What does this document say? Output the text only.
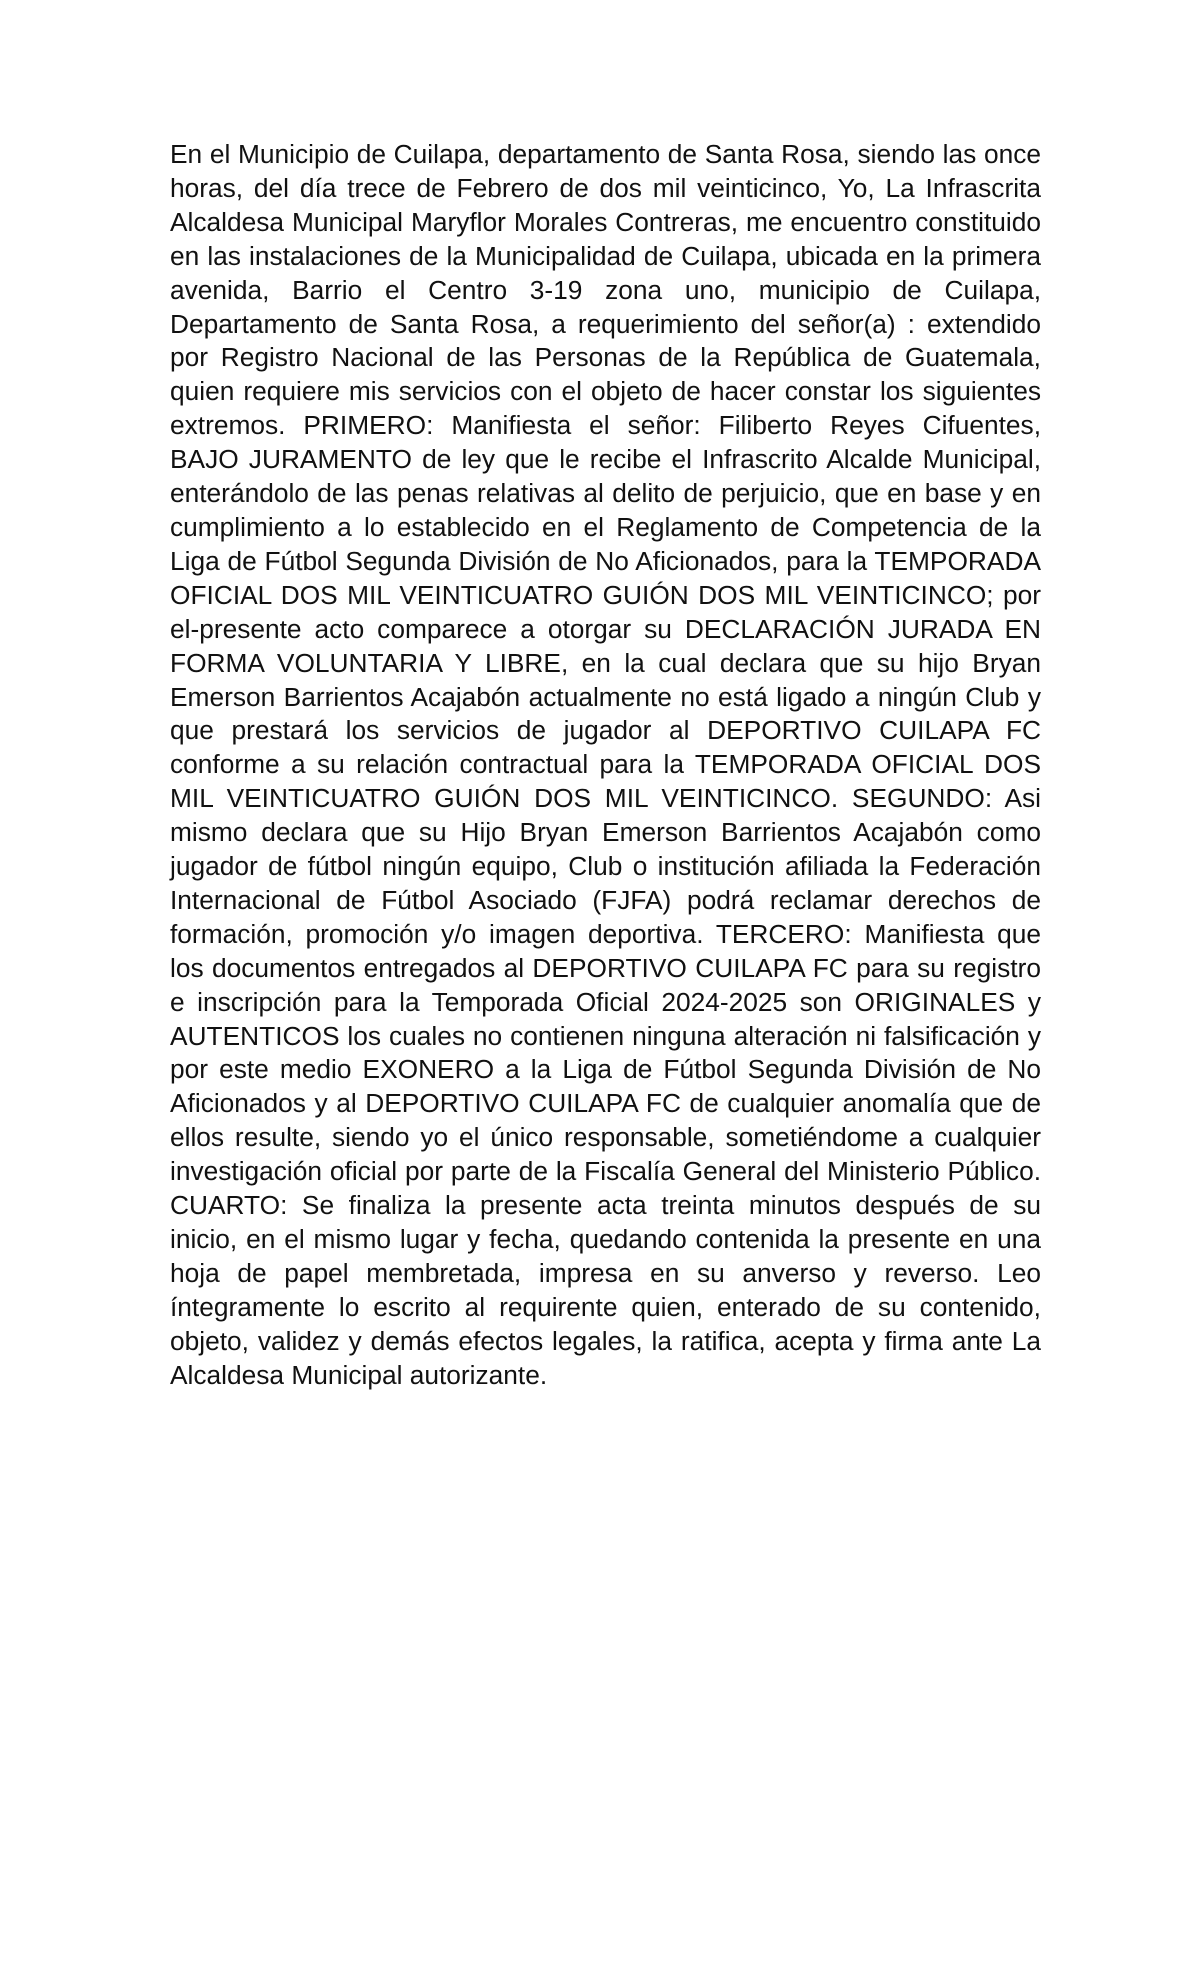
En el Municipio de Cuilapa, departamento de Santa Rosa, siendo las once horas, del día trece de Febrero de dos mil veinticinco, Yo, La Infrascrita Alcaldesa Municipal Maryflor Morales Contreras, me encuentro constituido en las instalaciones de la Municipalidad de Cuilapa, ubicada en la primera avenida, Barrio el Centro 3-19 zona uno, municipio de Cuilapa, Departamento de Santa Rosa, a requerimiento del señor(a) : extendido por Registro Nacional de las Personas de la República de Guatemala, quien requiere mis servicios con el objeto de hacer constar los siguientes extremos. PRIMERO: Manifiesta el señor: Filiberto Reyes Cifuentes, BAJO JURAMENTO de ley que le recibe el Infrascrito Alcalde Municipal, enterándolo de las penas relativas al delito de perjuicio, que en base y en cumplimiento a lo establecido en el Reglamento de Competencia de la Liga de Fútbol Segunda División de No Aficionados, para la TEMPORADA OFICIAL DOS MIL VEINTICUATRO GUIÓN DOS MIL VEINTICINCO; por el-presente acto comparece a otorgar su DECLARACIÓN JURADA EN FORMA VOLUNTARIA Y LIBRE, en la cual declara que su hijo Bryan Emerson Barrientos Acajabón actualmente no está ligado a ningún Club y que prestará los servicios de jugador al DEPORTIVO CUILAPA FC conforme a su relación contractual para la TEMPORADA OFICIAL DOS MIL VEINTICUATRO GUIÓN DOS MIL VEINTICINCO. SEGUNDO: Asi mismo declara que su Hijo Bryan Emerson Barrientos Acajabón como jugador de fútbol ningún equipo, Club o institución afiliada la Federación Internacional de Fútbol Asociado (FJFA) podrá reclamar derechos de formación, promoción y/o imagen deportiva. TERCERO: Manifiesta que los documentos entregados al DEPORTIVO CUILAPA FC para su registro e inscripción para la Temporada Oficial 2024-2025 son ORIGINALES y AUTENTICOS los cuales no contienen ninguna alteración ni falsificación y por este medio EXONERO a la Liga de Fútbol Segunda División de No Aficionados y al DEPORTIVO CUILAPA FC de cualquier anomalía que de ellos resulte, siendo yo el único responsable, sometiéndome a cualquier investigación oficial por parte de la Fiscalía General del Ministerio Público. CUARTO: Se finaliza la presente acta treinta minutos después de su inicio, en el mismo lugar y fecha, quedando contenida la presente en una hoja de papel membretada, impresa en su anverso y reverso. Leo íntegramente lo escrito al requirente quien, enterado de su contenido, objeto, validez y demás efectos legales, la ratifica, acepta y firma ante La Alcaldesa Municipal autorizante.
